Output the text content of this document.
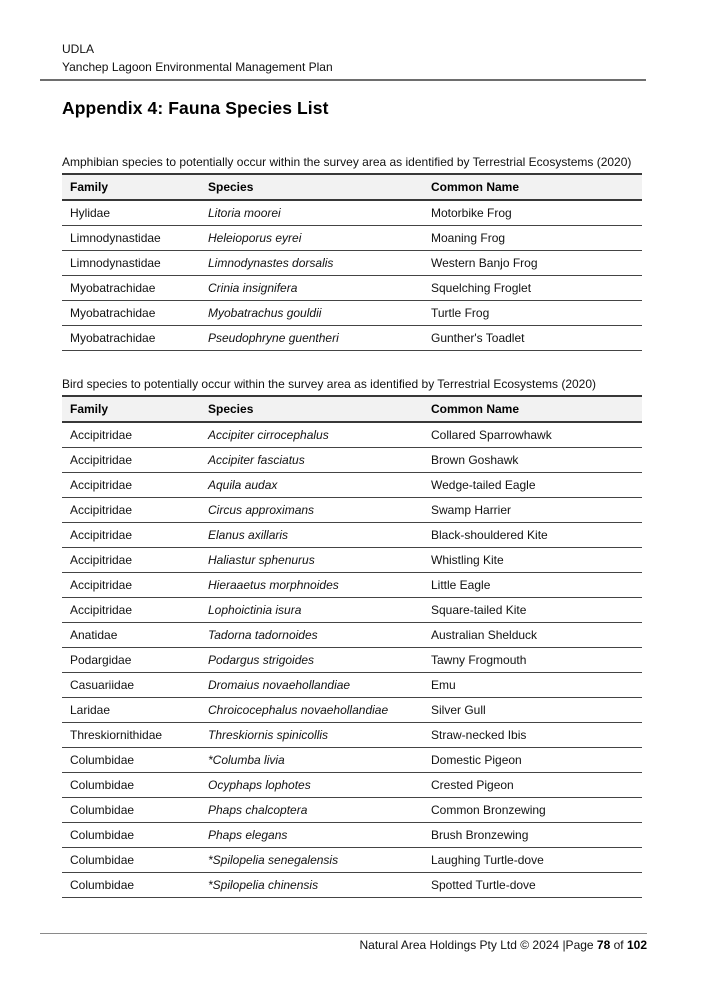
UDLA
Yanchep Lagoon Environmental Management Plan
Appendix 4: Fauna Species List
Amphibian species to potentially occur within the survey area as identified by Terrestrial Ecosystems (2020)
Family	Species	Common Name
Hylidae	Litoria moorei	Motorbike Frog
Limnodynastidae	Heleioporus eyrei	Moaning Frog
Limnodynastidae	Limnodynastes dorsalis	Western Banjo Frog
Myobatrachidae	Crinia insignifera	Squelching Froglet
Myobatrachidae	Myobatrachus gouldii	Turtle Frog
Myobatrachidae	Pseudophryne guentheri	Gunther's Toadlet
Bird species to potentially occur within the survey area as identified by Terrestrial Ecosystems (2020)
Family	Species	Common Name
Accipitridae	Accipiter cirrocephalus	Collared Sparrowhawk
Accipitridae	Accipiter fasciatus	Brown Goshawk
Accipitridae	Aquila audax	Wedge-tailed Eagle
Accipitridae	Circus approximans	Swamp Harrier
Accipitridae	Elanus axillaris	Black-shouldered Kite
Accipitridae	Haliastur sphenurus	Whistling Kite
Accipitridae	Hieraaetus morphnoides	Little Eagle
Accipitridae	Lophoictinia isura	Square-tailed Kite
Anatidae	Tadorna tadornoides	Australian Shelduck
Podargidae	Podargus strigoides	Tawny Frogmouth
Casuariidae	Dromaius novaehollandiae	Emu
Laridae	Chroicocephalus novaehollandiae	Silver Gull
Threskiornithidae	Threskiornis spinicollis	Straw-necked Ibis
Columbidae	*Columba livia	Domestic Pigeon
Columbidae	Ocyphaps lophotes	Crested Pigeon
Columbidae	Phaps chalcoptera	Common Bronzewing
Columbidae	Phaps elegans	Brush Bronzewing
Columbidae	*Spilopelia senegalensis	Laughing Turtle-dove
Columbidae	*Spilopelia chinensis	Spotted Turtle-dove
Natural Area Holdings Pty Ltd © 2024 |Page 78 of 102
